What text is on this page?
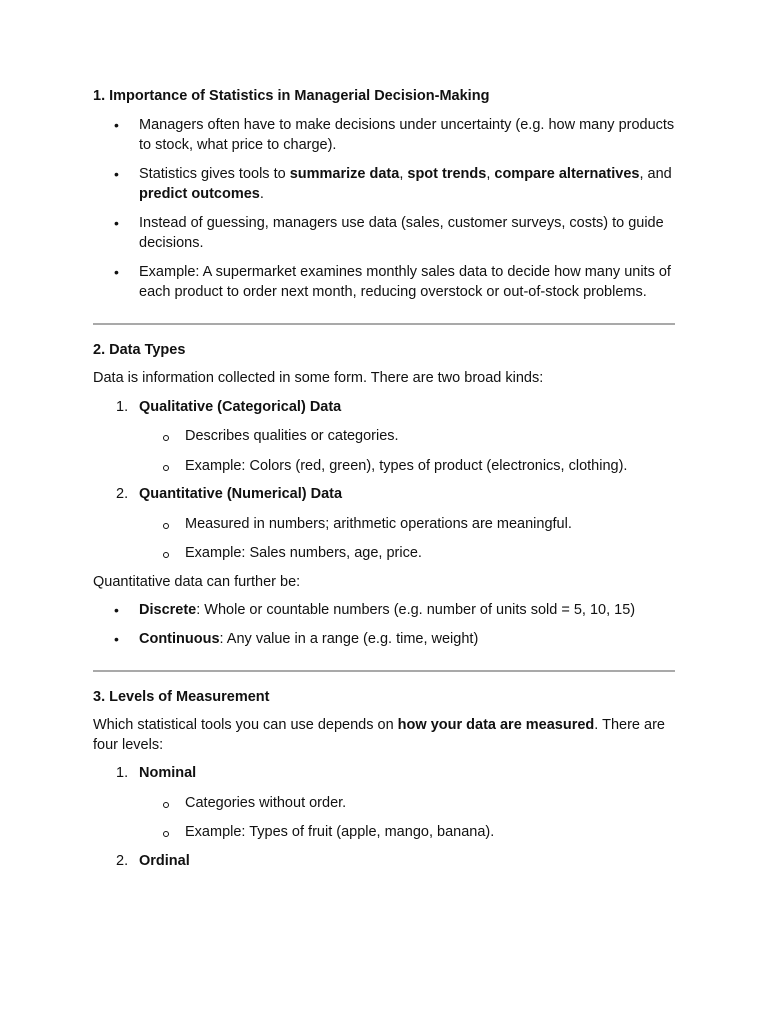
1. Importance of Statistics in Managerial Decision-Making
• Managers often have to make decisions under uncertainty (e.g. how many products to stock, what price to charge).
• Statistics gives tools to summarize data, spot trends, compare alternatives, and predict outcomes.
• Instead of guessing, managers use data (sales, customer surveys, costs) to guide decisions.
• Example: A supermarket examines monthly sales data to decide how many units of each product to order next month, reducing overstock or out-of-stock problems.
2. Data Types

Data is information collected in some form. There are two broad kinds:

1. Qualitative (Categorical) Data
Describes qualities or categories.
Example: Colors (red, green), types of product (electronics, clothing).
2. Quantitative (Numerical) Data
Measured in numbers; arithmetic operations are meaningful.
Example: Sales numbers, age, price.

Quantitative data can further be:

• Discrete: Whole or countable numbers (e.g. number of units sold = 5, 10, 15)
• Continuous: Any value in a range (e.g. time, weight)
3. Levels of Measurement

Which statistical tools you can use depends on how your data are measured. There are four levels:

1. Nominal
Categories without order.
Example: Types of fruit (apple, mango, banana).
2. Ordinal
